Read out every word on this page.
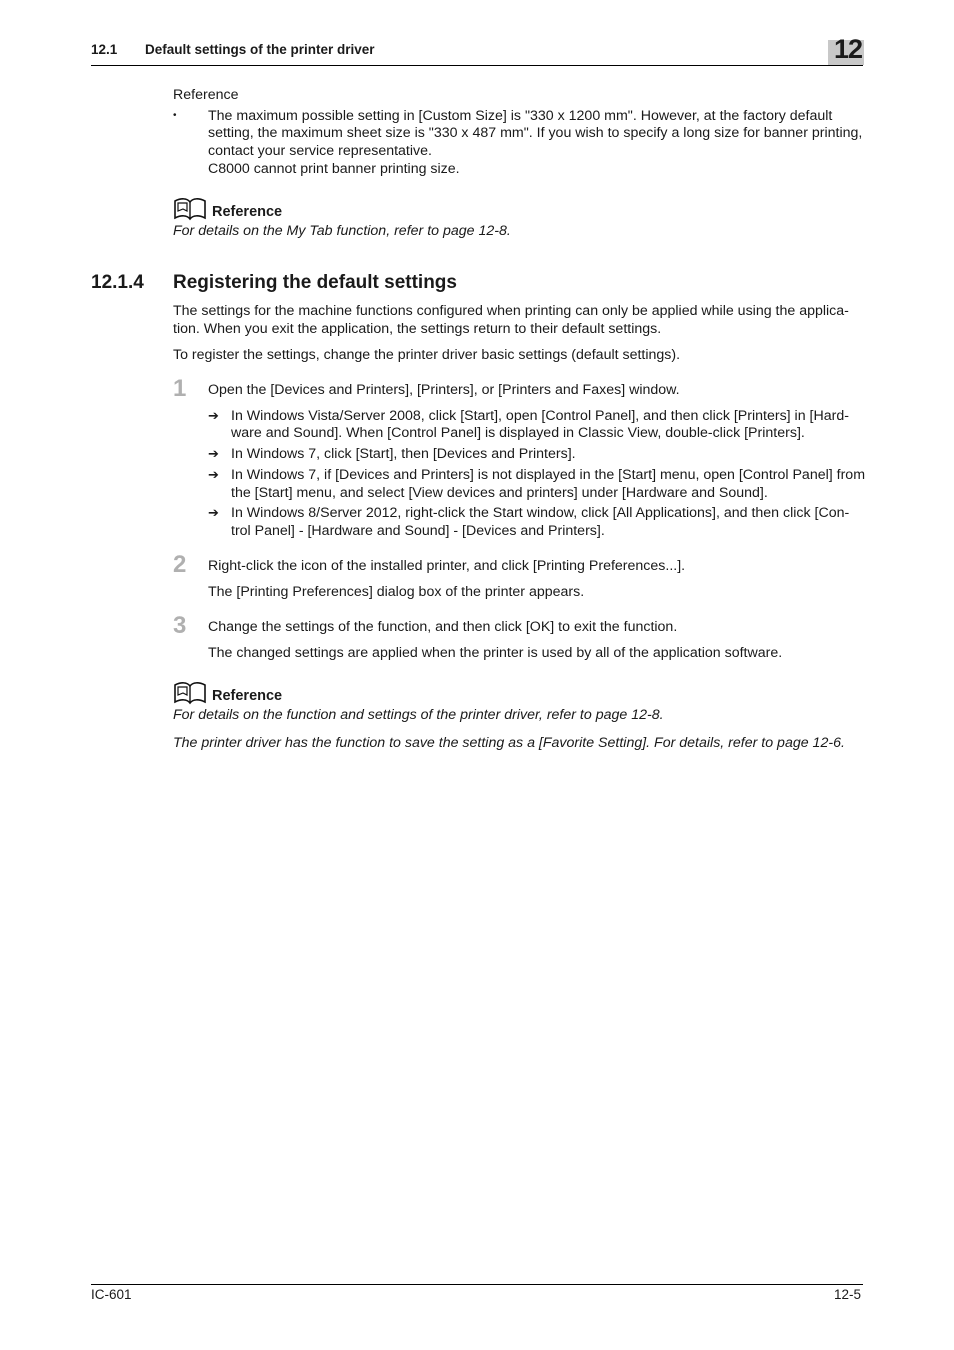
12.1 Default settings of the printer driver	12
Reference
• The maximum possible setting in [Custom Size] is "330 x 1200 mm". However, at the factory default
setting, the maximum sheet size is "330 x 487 mm". If you wish to specify a long size for banner printing,
contact your service representative.
C8000 cannot print banner printing size.
Reference
For details on the My Tab function, refer to page 12-8.
12.1.4 Registering the default settings
The settings for the machine functions configured when printing can only be applied while using the applica-
tion. When you exit the application, the settings return to their default settings.
To register the settings, change the printer driver basic settings (default settings).
1 Open the [Devices and Printers], [Printers], or [Printers and Faxes] window.
➔ In Windows Vista/Server 2008, click [Start], open [Control Panel], and then click [Printers] in [Hard-
ware and Sound]. When [Control Panel] is displayed in Classic View, double-click [Printers].
➔ In Windows 7, click [Start], then [Devices and Printers].
➔ In Windows 7, if [Devices and Printers] is not displayed in the [Start] menu, open [Control Panel] from
the [Start] menu, and select [View devices and printers] under [Hardware and Sound].
➔ In Windows 8/Server 2012, right-click the Start window, click [All Applications], and then click [Con-
trol Panel] - [Hardware and Sound] - [Devices and Printers].
2 Right-click the icon of the installed printer, and click [Printing Preferences...].
The [Printing Preferences] dialog box of the printer appears.
3 Change the settings of the function, and then click [OK] to exit the function.
The changed settings are applied when the printer is used by all of the application software.
Reference
For details on the function and settings of the printer driver, refer to page 12-8.
The printer driver has the function to save the setting as a [Favorite Setting]. For details, refer to page 12-6.
IC-601	12-5
